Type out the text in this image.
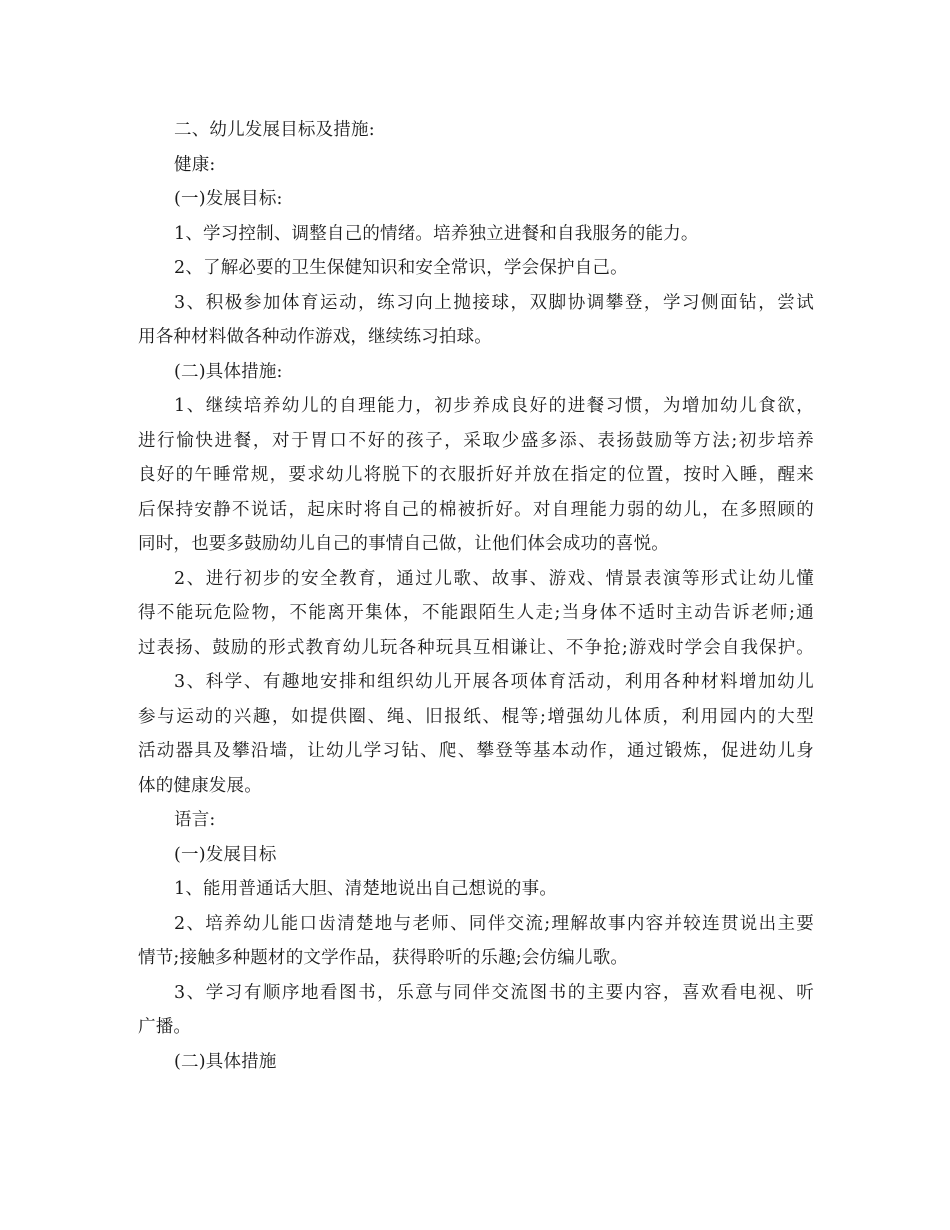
二、幼儿发展目标及措施:
健康:
(一)发展目标:
1、学习控制、调整自己的情绪。培养独立进餐和自我服务的能力。
2、了解必要的卫生保健知识和安全常识，学会保护自己。
3、积极参加体育运动，练习向上抛接球，双脚协调攀登，学习侧面钻，尝试
用各种材料做各种动作游戏，继续练习拍球。
(二)具体措施:
1、继续培养幼儿的自理能力，初步养成良好的进餐习惯，为增加幼儿食欲，
进行愉快进餐，对于胃口不好的孩子，采取少盛多添、表扬鼓励等方法;初步培养
良好的午睡常规，要求幼儿将脱下的衣服折好并放在指定的位置，按时入睡，醒来
后保持安静不说话，起床时将自己的棉被折好。对自理能力弱的幼儿，在多照顾的
同时，也要多鼓励幼儿自己的事情自己做，让他们体会成功的喜悦。
2、进行初步的安全教育，通过儿歌、故事、游戏、情景表演等形式让幼儿懂
得不能玩危险物，不能离开集体，不能跟陌生人走;当身体不适时主动告诉老师;通
过表扬、鼓励的形式教育幼儿玩各种玩具互相谦让、不争抢;游戏时学会自我保护。
3、科学、有趣地安排和组织幼儿开展各项体育活动，利用各种材料增加幼儿
参与运动的兴趣，如提供圈、绳、旧报纸、棍等;增强幼儿体质，利用园内的大型
活动器具及攀沿墙，让幼儿学习钻、爬、攀登等基本动作，通过锻炼，促进幼儿身
体的健康发展。
语言:
(一)发展目标
1、能用普通话大胆、清楚地说出自己想说的事。
2、培养幼儿能口齿清楚地与老师、同伴交流;理解故事内容并较连贯说出主要
情节;接触多种题材的文学作品，获得聆听的乐趣;会仿编儿歌。
3、学习有顺序地看图书，乐意与同伴交流图书的主要内容，喜欢看电视、听
广播。
(二)具体措施
